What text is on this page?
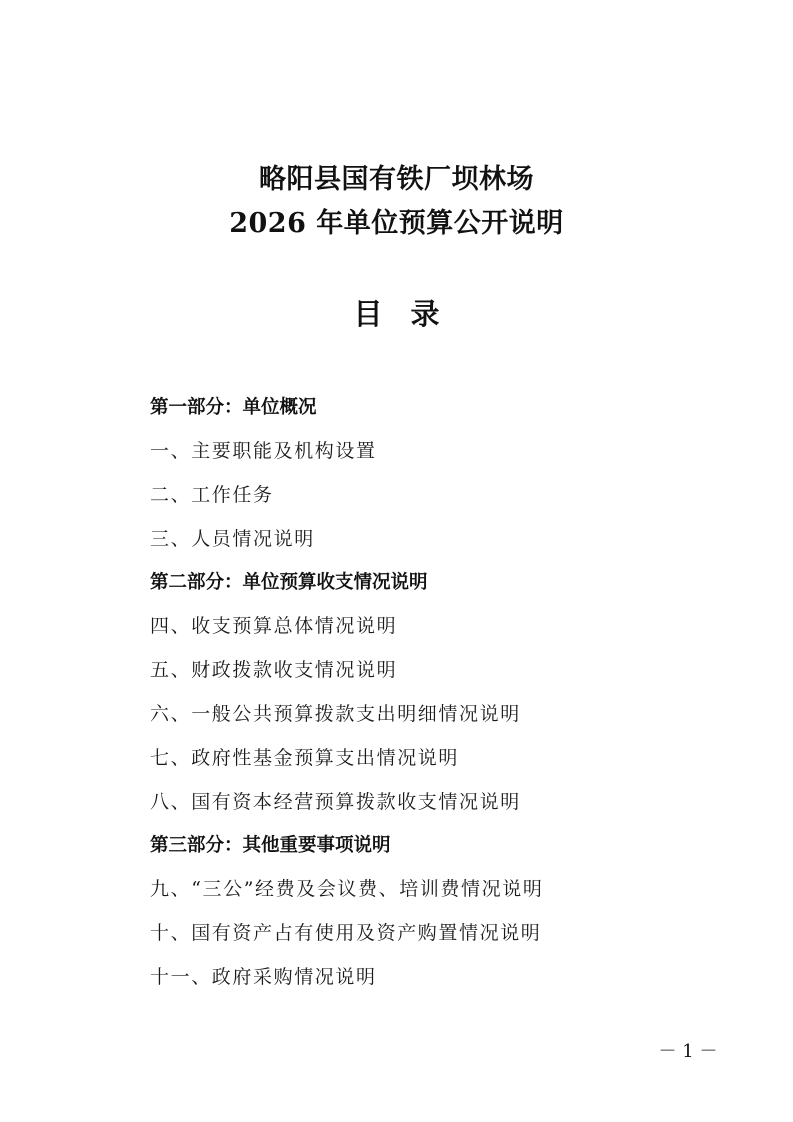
略阳县国有铁厂坝林场
2026 年单位预算公开说明
目录
第一部分：单位概况
一、主要职能及机构设置
二、工作任务
三、人员情况说明
第二部分：单位预算收支情况说明
四、收支预算总体情况说明
五、财政拨款收支情况说明
六、一般公共预算拨款支出明细情况说明
七、政府性基金预算支出情况说明
八、国有资本经营预算拨款收支情况说明
第三部分：其他重要事项说明
九、“三公”经费及会议费、培训费情况说明
十、国有资产占有使用及资产购置情况说明
十一、政府采购情况说明
－ 1 －
